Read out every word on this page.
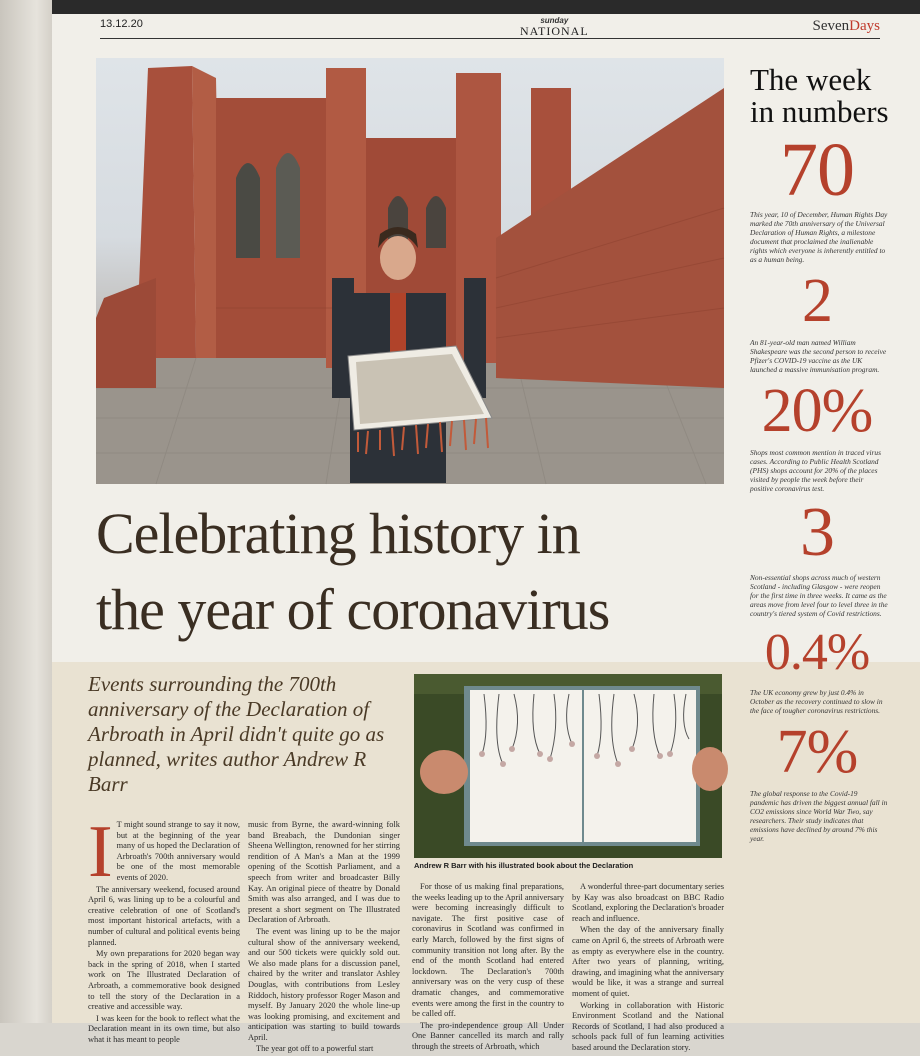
13.12.20	sunday
NATIONAL	SevenDays
Celebrating history in
the year of coronavirus
Events surrounding the 700th anniversary of the Declaration of Arbroath in April didn't quite go as planned, writes author Andrew R Barr
Andrew R Barr with his illustrated book about the Declaration
I T might sound strange to say it now, but at the beginning of the year many of us hoped the Declaration of Arbroath's 700th anniversary would be one of the most memorable events of 2020.

The anniversary weekend, focused around April 6, was lining up to be a colourful and creative celebration of one of Scotland's most important historical artefacts, with a number of cultural and political events being planned.

My own preparations for 2020 began way back in the spring of 2018, when I started work on The Illustrated Declaration of Arbroath, a commemorative book designed to tell the story of the Declaration in a creative and accessible way.

I was keen for the book to reflect what the Declaration meant in its own time, but also what it has meant to people

music from Byrne, the award-winning folk band Breabach, the Dundonian singer Sheena Wellington, renowned for her stirring rendition of A Man's a Man at the 1999 opening of the Scottish Parliament, and a speech from writer and broadcaster Billy Kay. An original piece of theatre by Donald Smith was also arranged, and I was due to present a short segment on The Illustrated Declaration of Arbroath.

The event was lining up to be the major cultural show of the anniversary weekend, and our 500 tickets were quickly sold out. We also made plans for a discussion panel, chaired by the writer and translator Ashley Douglas, with contributions from Lesley Riddoch, history professor Roger Mason and myself. By January 2020 the whole line-up was looking promising, and excitement and anticipation was starting to build towards April.

The year got off to a powerful start

For those of us making final preparations, the weeks leading up to the April anniversary were becoming increasingly difficult to navigate. The first positive case of coronavirus in Scotland was confirmed in early March, followed by the first signs of community transition not long after. By the end of the month Scotland had entered lockdown. The Declaration's 700th anniversary was on the very cusp of these dramatic changes, and commemorative events were among the first in the country to be called off.

The pro-independence group All Under One Banner cancelled its march and rally through the streets of Arbroath, which

A wonderful three-part documentary series by Kay was also broadcast on BBC Radio Scotland, exploring the Declaration's broader reach and influence.

When the day of the anniversary finally came on April 6, the streets of Arbroath were as empty as everywhere else in the country. After two years of planning, writing, drawing, and imagining what the anniversary would be like, it was a strange and surreal moment of quiet.

Working in collaboration with Historic Environment Scotland and the National Records of Scotland, I had also produced a schools pack full of fun learning activities based around the Declaration story.

The week in numbers
70
This year, 10 of December, Human Rights Day marked the 70th anniversary of the Universal Declaration of Human Rights, a milestone document that proclaimed the inalienable rights which everyone is inherently entitled to as a human being.
2
An 81-year-old man named William Shakespeare was the second person to receive Pfizer's COVID-19 vaccine as the UK launched a massive immunisation program.
20%
Shops most common mention in traced virus cases. According to Public Health Scotland (PHS) shops account for 20% of the places visited by people the week before their positive coronavirus test.
3
Non-essential shops across much of western Scotland - including Glasgow - were reopen for the first time in three weeks. It came as the areas move from level four to level three in the country's tiered system of Covid restrictions.
0.4%
The UK economy grew by just 0.4% in October as the recovery continued to slow in the face of tougher coronavirus restrictions.
7%
The global response to the Covid-19 pandemic has driven the biggest annual fall in CO2 emissions since World War Two, say researchers. Their study indicates that emissions have declined by around 7% this year.
